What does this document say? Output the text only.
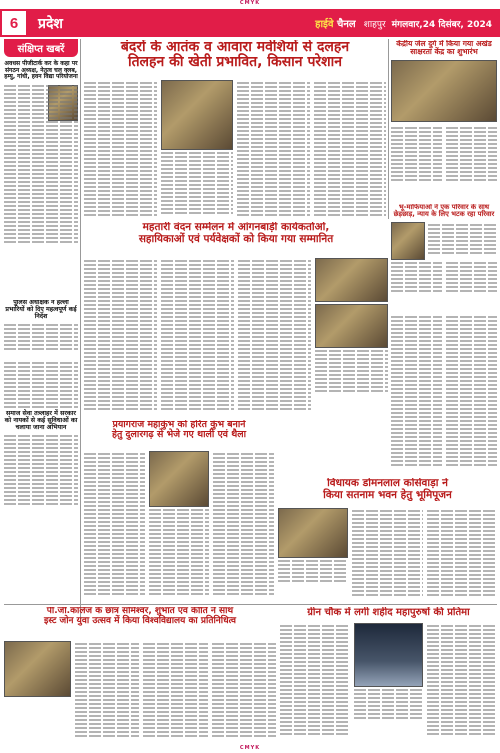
CMYK
6	प्रदेश	हाईवे चैनल शाहपुर मंगलवार,24 दिसंबर, 2024
संक्षिप्त खबरें
अवधस पीजीटार्क कर के कहा पर संगठन अध्यक्ष, नेतृत्व चल क्लब, हम्यु, गांधी, हवन विद्या परियोजना
पुलिस अधीक्षक ने हल्ला प्रभारियों को दिए महत्वपूर्ण कई निर्देश
समाज सेवा तत्र्लाहर में सरकार को नायकों से कई सुविधाओं का चलाया जाना अभियान
बंदरों के आतंक व आवारा मवेशियों से दलहन
तिलहन की खेती प्रभावित, किसान परेशान
केंद्रीय जेल दुर्ग में किया गया अखंड साक्षरता केंद्र का शुभारंभ
भू-माफियाओं ने एक परिवार के साथ छेड़छाड़, न्याय के लिए भटक रहा परिवार
महतारी वंदन सम्मेलन में आंगनबाड़ी कार्यकर्ताओं,
सहायिकाओं एवं पर्यवेक्षकों को किया गया सम्मानित
प्रयागराज महाकुंभ को हरित कुंभ बनाने
हेतु दुलारगढ़ से भेजे गए थाली एवं थैला
विधायक डोमनलाल कोर्सेवाड़ा ने
किया सतनाम भवन हेतु भूमिपूजन
पी.जी.कॉलेज के छात्र सोमेश्वर, शुभांत एवं कीर्ति ने साथ
इस्ट जोन युवा उत्सव में किया विश्वविद्यालय का प्रतिनिधित्व
ग्रीन चौक में लगी शहीद महापुरुषों की प्रतिमा
CMYK
